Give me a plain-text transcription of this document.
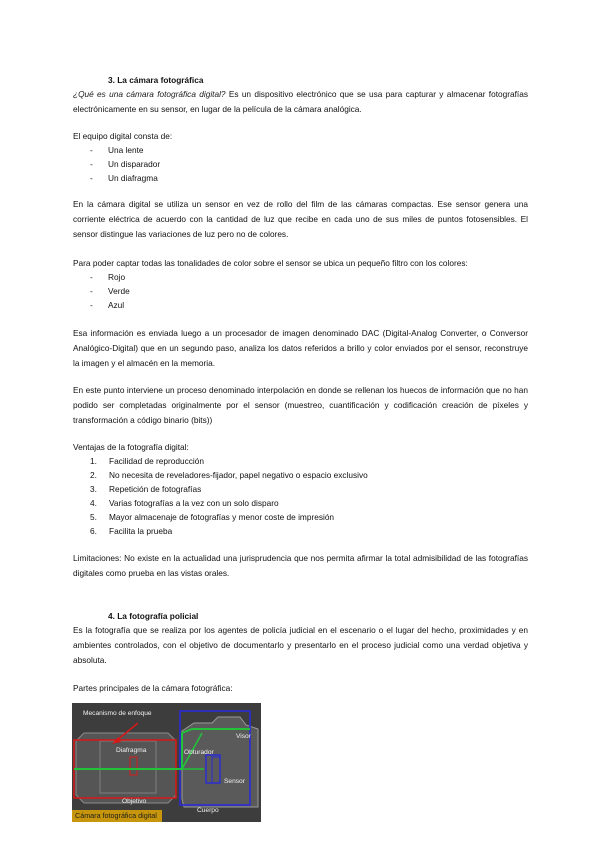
3. La cámara fotográfica
¿Qué es una cámara fotográfica digital? Es un dispositivo electrónico que se usa para capturar y almacenar fotografías electrónicamente en su sensor, en lugar de la película de la cámara analógica.
El equipo digital consta de:
- Una lente
- Un disparador
- Un diafragma
En la cámara digital se utiliza un sensor en vez de rollo del film de las cámaras compactas. Ese sensor genera una corriente eléctrica de acuerdo con la cantidad de luz que recibe en cada uno de sus miles de puntos fotosensibles. El sensor distingue las variaciones de luz pero no de colores.
Para poder captar todas las tonalidades de color sobre el sensor se ubica un pequeño filtro con los colores:
- Rojo
- Verde
- Azul
Esa información es enviada luego a un procesador de imagen denominado DAC (Digital-Analog Converter, o Conversor Analógico-Digital) que en un segundo paso, analiza los datos referidos a brillo y color enviados por el sensor, reconstruye la imagen y el almacén en la memoria.
En este punto interviene un proceso denominado interpolación en donde se rellenan los huecos de información que no han podido ser completadas originalmente por el sensor (muestreo, cuantificación y codificación creación de píxeles y transformación a código binario (bits))
Ventajas de la fotografía digital:
1. Facilidad de reproducción
2. No necesita de reveladores-fijador, papel negativo o espacio exclusivo
3. Repetición de fotografías
4. Varias fotografías a la vez con un solo disparo
5. Mayor almacenaje de fotografías y menor coste de impresión
6. Facilita la prueba
Limitaciones: No existe en la actualidad una jurisprudencia que nos permita afirmar la total admisibilidad de las fotografías digitales como prueba en las vistas orales.
4. La fotografía policial
Es la fotografía que se realiza por los agentes de policía judicial en el escenario o el lugar del hecho, proximidades y en ambientes controlados, con el objetivo de documentarlo y presentarlo en el proceso judicial como una verdad objetiva y absoluta.
Partes principales de la cámara fotográfica:
Mecanismo de enfoque
Visor
Diafragma	Obturador
Sensor
Objetivo
Cuerpo
Cámara fotográfica digital
